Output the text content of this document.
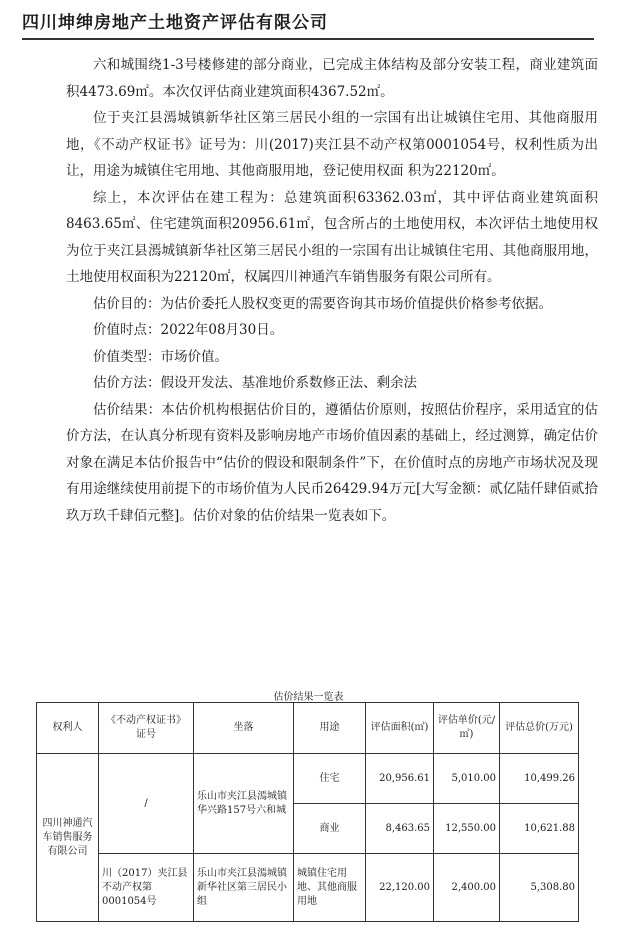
四川坤绅房地产土地资产评估有限公司

六和城围绕1-3号楼修建的部分商业，已完成主体结构及部分安装工程，商业建筑面积4473.69㎡。本次仅评估商业建筑面积4367.52㎡。

位于夹江县漹城镇新华社区第三居民小组的一宗国有出让城镇住宅用、其他商服用地，《不动产权证书》证号为：川(2017)夹江县不动产权第0001054号，权利性质为出让，用途为城镇住宅用地、其他商服用地，登记使用权面 积为22120㎡。

综上，本次评估在建工程为：总建筑面积63362.03㎡，其中评估商业建筑面积8463.65㎡、住宅建筑面积20956.61㎡，包含所占的土地使用权，本次评估土地使用权为位于夹江县漹城镇新华社区第三居民小组的一宗国有出让城镇住宅用、其他商服用地，土地使用权面积为22120㎡，权属四川神通汽车销售服务有限公司所有。

估价目的：为估价委托人股权变更的需要咨询其市场价值提供价格参考依据。

价值时点：2022年08月30日。

价值类型：市场价值。

估价方法：假设开发法、基准地价系数修正法、剩余法

估价结果：本估价机构根据估价目的，遵循估价原则，按照估价程序，采用适宜的估价方法，在认真分析现有资料及影响房地产市场价值因素的基础上，经过测算，确定估价对象在满足本估价报告中“估价的假设和限制条件”下，在价值时点的房地产市场状况及现有用途继续使用前提下的市场价值为人民币26429.94万元[大写金额：贰亿陆仟肆佰贰拾玖万玖千肆佰元整]。估价对象的估价结果一览表如下。

估价结果一览表
权利人	《不动产权证书》证号	坐落	用途	评估面积(㎡)	评估单价(元/㎡)	评估总价(万元)
四川神通汽车销售服务有限公司	/	乐山市夹江县漹城镇华兴路157号六和城	住宅	20,956.61	5,010.00	10,499.26
			商业	8,463.65	12,550.00	10,621.88
	川（2017）夹江县不动产权第0001054号	乐山市夹江县漹城镇新华社区第三居民小组	城镇住宅用地、其他商服用地	22,120.00	2,400.00	5,308.80
